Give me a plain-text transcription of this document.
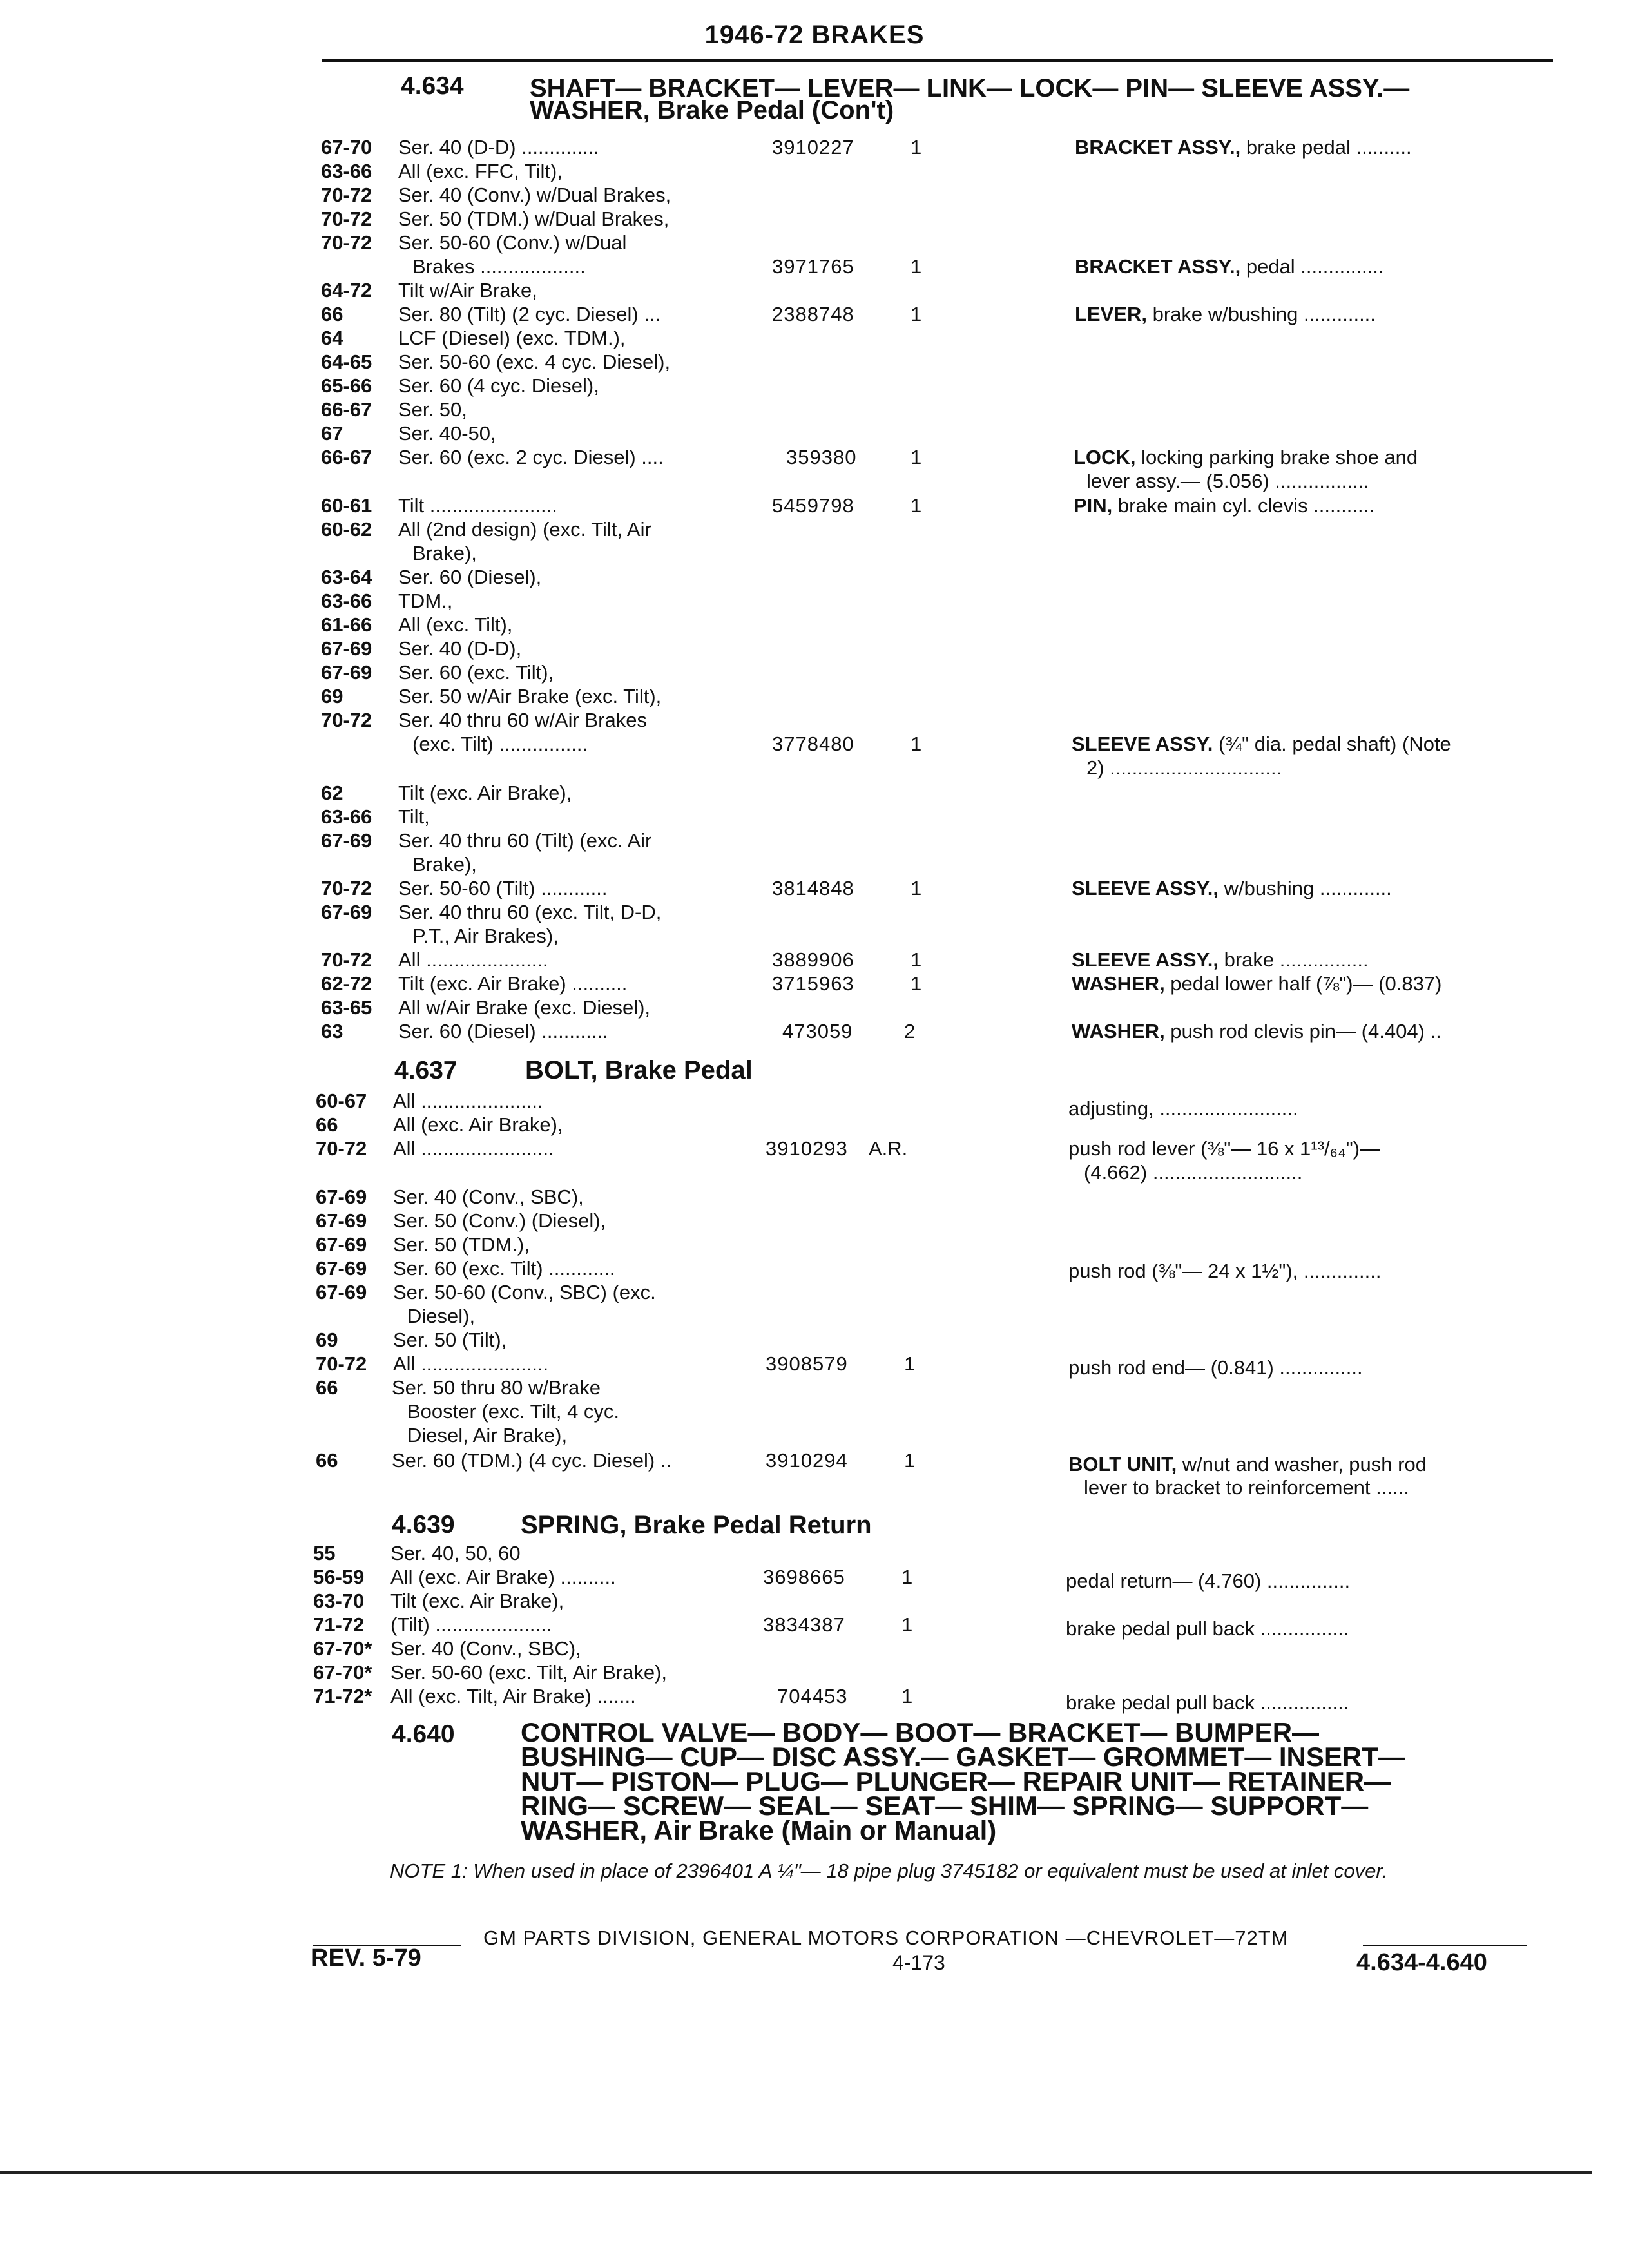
1946-72 BRAKES
4.634	SHAFT— BRACKET— LEVER— LINK— LOCK— PIN— SLEEVE ASSY.—
WASHER, Brake Pedal (Con't)
4.637	BOLT, Brake Pedal
4.639	SPRING, Brake Pedal Return
4.640 CONTROL VALVE— BODY— BOOT— BRACKET— BUMPER—
BUSHING— CUP— DISC ASSY.— GASKET— GROMMET— INSERT—
NUT— PISTON— PLUG— PLUNGER— REPAIR UNIT— RETAINER—
RING— SCREW— SEAL— SEAT— SHIM— SPRING— SUPPORT—
WASHER, Air Brake (Main or Manual)
67-70 Ser. 40 (D-D) ..............	3910227	1	BRACKET ASSY., brake pedal ..........
63-66 All (exc. FFC, Tilt),
70-72 Ser. 40 (Conv.) w/Dual Brakes,
70-72 Ser. 50 (TDM.) w/Dual Brakes,
70-72 Ser. 50-60 (Conv.) w/Dual
Brakes ...................	3971765	1	BRACKET ASSY., pedal ...............
64-72 Tilt w/Air Brake,
66	Ser. 80 (Tilt) (2 cyc. Diesel) ...	2388748	1	LEVER, brake w/bushing .............
64	LCF (Diesel) (exc. TDM.),
64-65 Ser. 50-60 (exc. 4 cyc. Diesel),
65-66 Ser. 60 (4 cyc. Diesel),
66-67 Ser. 50,
67	Ser. 40-50,
66-67 Ser. 60 (exc. 2 cyc. Diesel) ....	359380	1	LOCK, locking parking brake shoe and
lever assy.— (5.056) .................
60-61 Tilt .......................	5459798	1	PIN, brake main cyl. clevis ...........
60-62 All (2nd design) (exc. Tilt, Air
Brake),
63-64 Ser. 60 (Diesel),
63-66 TDM.,
61-66 All (exc. Tilt),
67-69 Ser. 40 (D-D),
67-69 Ser. 60 (exc. Tilt),
69	Ser. 50 w/Air Brake (exc. Tilt),
70-72 Ser. 40 thru 60 w/Air Brakes
(exc. Tilt) ................	3778480	1	SLEEVE ASSY. (¾" dia. pedal shaft) (Note
2) ...............................
62	Tilt (exc. Air Brake),
63-66 Tilt,
67-69 Ser. 40 thru 60 (Tilt) (exc. Air
Brake),
70-72 Ser. 50-60 (Tilt) ............	3814848	1	SLEEVE ASSY., w/bushing .............
67-69 Ser. 40 thru 60 (exc. Tilt, D-D,
P.T., Air Brakes),
70-72 All ......................	3889906	1	SLEEVE ASSY., brake ................
62-72 Tilt (exc. Air Brake) ..........	3715963	1	WASHER, pedal lower half (⅞")— (0.837)
63-65 All w/Air Brake (exc. Diesel),
63	Ser. 60 (Diesel) ............	473059	2	WASHER, push rod clevis pin— (4.404) ..
60-67 All ......................	adjusting, .........................
66	All (exc. Air Brake),
70-72 All ........................	3910293 A.R.	push rod lever (⅜"— 16 x 1¹³/₆₄")—
(4.662) ...........................
67-69 Ser. 40 (Conv., SBC),
67-69 Ser. 50 (Conv.) (Diesel),
67-69 Ser. 50 (TDM.),
67-69 Ser. 60 (exc. Tilt) ............	push rod (⅜"— 24 x 1½"), ..............
67-69 Ser. 50-60 (Conv., SBC) (exc.
Diesel),
69	Ser. 50 (Tilt),
70-72 All .......................	3908579	1	push rod end— (0.841) ...............
66	Ser. 50 thru 80 w/Brake
Booster (exc. Tilt, 4 cyc.
Diesel, Air Brake),
66	Ser. 60 (TDM.) (4 cyc. Diesel) ..	3910294	1	BOLT UNIT, w/nut and washer, push rod
lever to bracket to reinforcement ......
55	Ser. 40, 50, 60
56-59 All (exc. Air Brake) ..........	3698665	1	pedal return— (4.760) ...............
63-70 Tilt (exc. Air Brake),
71-72 (Tilt) .....................	3834387	1	brake pedal pull back ................
67-70* Ser. 40 (Conv., SBC),
67-70* Ser. 50-60 (exc. Tilt, Air Brake),
71-72* All (exc. Tilt, Air Brake) .......	704453	1	brake pedal pull back ................
NOTE 1: When used in place of 2396401 A ¼"— 18 pipe plug 3745182 or equivalent must be used at inlet cover.
GM PARTS DIVISION, GENERAL MOTORS CORPORATION —CHEVROLET—72TM
REV. 5-79	4-173	4.634-4.640
